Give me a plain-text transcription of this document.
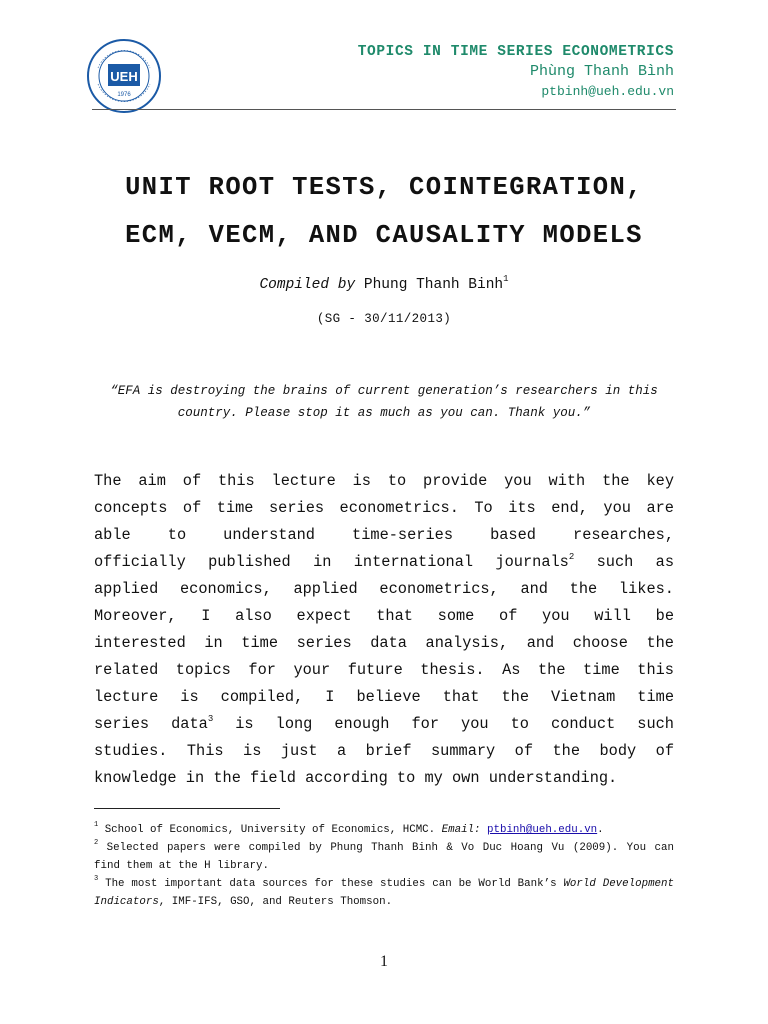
UEH
1976
TOPICS IN TIME SERIES ECONOMETRICS
Phùng Thanh Bình
ptbinh@ueh.edu.vn
UNIT ROOT TESTS, COINTEGRATION,
ECM, VECM, AND CAUSALITY MODELS
Compiled by Phung Thanh Binh$^1$
(SG - 30/11/2013)
“EFA is destroying the brains of current generation’s researchers in this country. Please stop it as much as you can. Thank you.”
The aim of this lecture is to provide you with the key
concepts of time series econometrics. To its end, you are
able to understand time-series based researches,
officially published in international journals$^2$ such as
applied economics, applied econometrics, and the likes.
Moreover, I also expect that some of you will be
interested in time series data analysis, and choose the
related topics for your future thesis. As the time this
lecture is compiled, I believe that the Vietnam time
series data$^3$ is long enough for you to conduct such
studies. This is just a brief summary of the body of
knowledge in the field according to my own understanding.
$^1$ School of Economics, University of Economics, HCMC. Email: ptbinh@ueh.edu.vn.
$^2$ Selected papers were compiled by Phung Thanh Binh & Vo Duc Hoang Vu (2009). You can find them at the H library.
$^3$ The most important data sources for these studies can be World Bank’s World Development Indicators, IMF-IFS, GSO, and Reuters Thomson.
1
